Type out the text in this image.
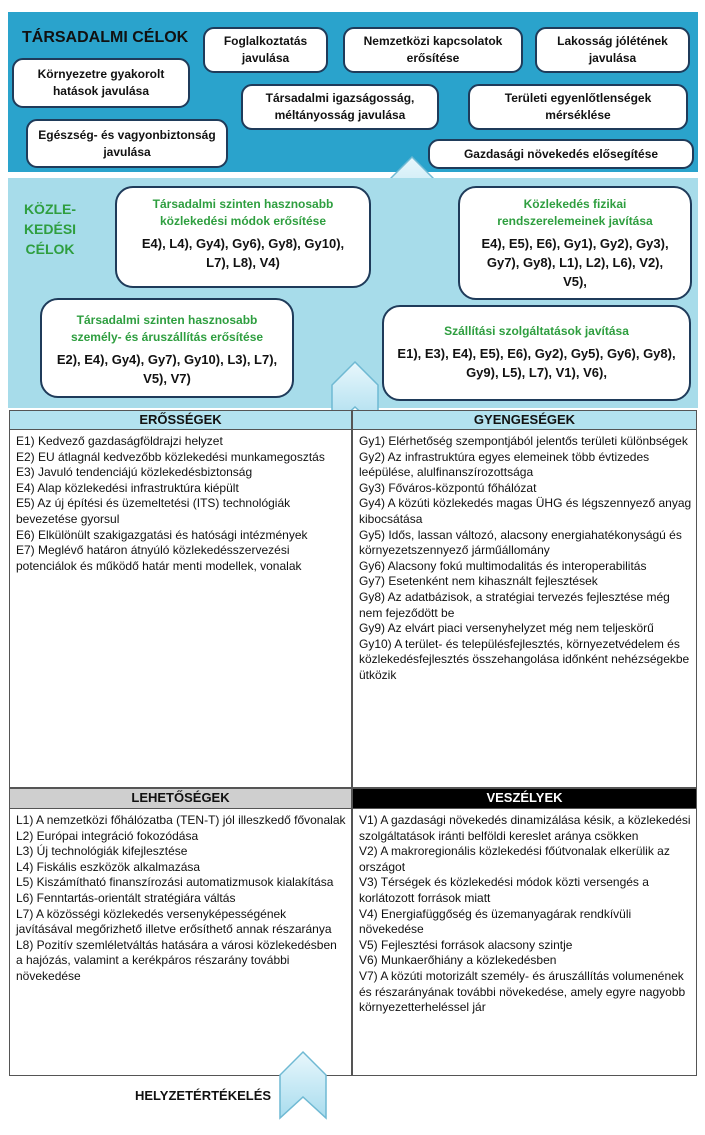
TÁRSADALMI CÉLOK	Foglalkoztatás javulása
Nemzetközi kapcsolatok erősítése
Lakosság jólétének javulása
Környezetre gyakorolt hatások javulása	Társadalmi igazságosság, méltányosság javulása
Területi egyenlőtlenségek mérséklése
Egészség- és vagyonbiztonság javulása	Gazdasági növekedés elősegítése
KÖZLE-
KEDÉSI
CÉLOK
Társadalmi szinten hasznosabb közlekedési módok erősítése
E4), L4), Gy4), Gy6), Gy8), Gy10), L7), L8), V4)
Közlekedés fizikai rendszerelemeinek javítása
E4), E5), E6), Gy1), Gy2), Gy3), Gy7), Gy8), L1), L2), L6), V2), V5),
Társadalmi szinten hasznosabb személy- és áruszállítás erősítése
E2), E4), Gy4), Gy7), Gy10), L3), L7), V5), V7)
Szállítási szolgáltatások javítása
E1), E3), E4), E5), E6), Gy2), Gy5), Gy6), Gy8), Gy9), L5), L7), V1), V6),
ERŐSSÉGEK
E1) Kedvező gazdaságföldrajzi helyzet
E2) EU átlagnál kedvezőbb közlekedési munkamegosztás
E3) Javuló tendenciájú közlekedésbiztonság
E4) Alap közlekedési infrastruktúra kiépült
E5) Az új építési és üzemeltetési (ITS) technológiák bevezetése gyorsul
E6) Elkülönült szakigazgatási és hatósági intézmények
E7) Meglévő határon átnyúló közlekedésszervezési potenciálok és működő határ menti modellek, vonalak
GYENGESÉGEK
Gy1) Elérhetőség szempontjából jelentős területi különbségek
Gy2) Az infrastruktúra egyes elemeinek több évtizedes leépülése, alulfinanszírozottsága
Gy3) Főváros-központú főhálózat
Gy4) A közúti közlekedés magas ÜHG és légszennyező anyag kibocsátása
Gy5) Idős, lassan változó, alacsony energiahatékonyságú és környezetszennyező járműállomány
Gy6) Alacsony fokú multimodalitás és interoperabilitás
Gy7) Esetenként nem kihasznált fejlesztések
Gy8) Az adatbázisok, a stratégiai tervezés fejlesztése még nem fejeződött be
Gy9) Az elvárt piaci versenyhelyzet még nem teljeskörű
Gy10) A terület- és településfejlesztés, környezetvédelem és közlekedésfejlesztés összehangolása időnként nehézségekbe ütközik
LEHETŐSÉGEK
L1) A nemzetközi főhálózatba (TEN-T) jól illeszkedő fővonalak
L2) Európai integráció fokozódása
L3) Új technológiák kifejlesztése
L4) Fiskális eszközök alkalmazása
L5) Kiszámítható finanszírozási automatizmusok kialakítása
L6) Fenntartás-orientált stratégiára váltás
L7) A közösségi közlekedés versenyképességének javításával megőrizhető illetve erősíthető annak részaránya
L8) Pozitív szemléletváltás hatására a városi közlekedésben a hajózás, valamint a kerékpáros részarány további növekedése
VESZÉLYEK
V1) A gazdasági növekedés dinamizálása késik, a közlekedési szolgáltatások iránti belföldi kereslet aránya csökken
V2) A makroregionális közlekedési főútvonalak elkerülik az országot
V3) Térségek és közlekedési módok közti versengés a korlátozott források miatt
V4) Energiafüggőség és üzemanyagárak rendkívüli növekedése
V5) Fejlesztési források alacsony szintje
V6) Munkaerőhiány a közlekedésben
V7) A közúti motorizált személy- és áruszállítás volumenének és részarányának további növekedése, amely egyre nagyobb környezetterheléssel jár
HELYZETÉRTÉKELÉS
